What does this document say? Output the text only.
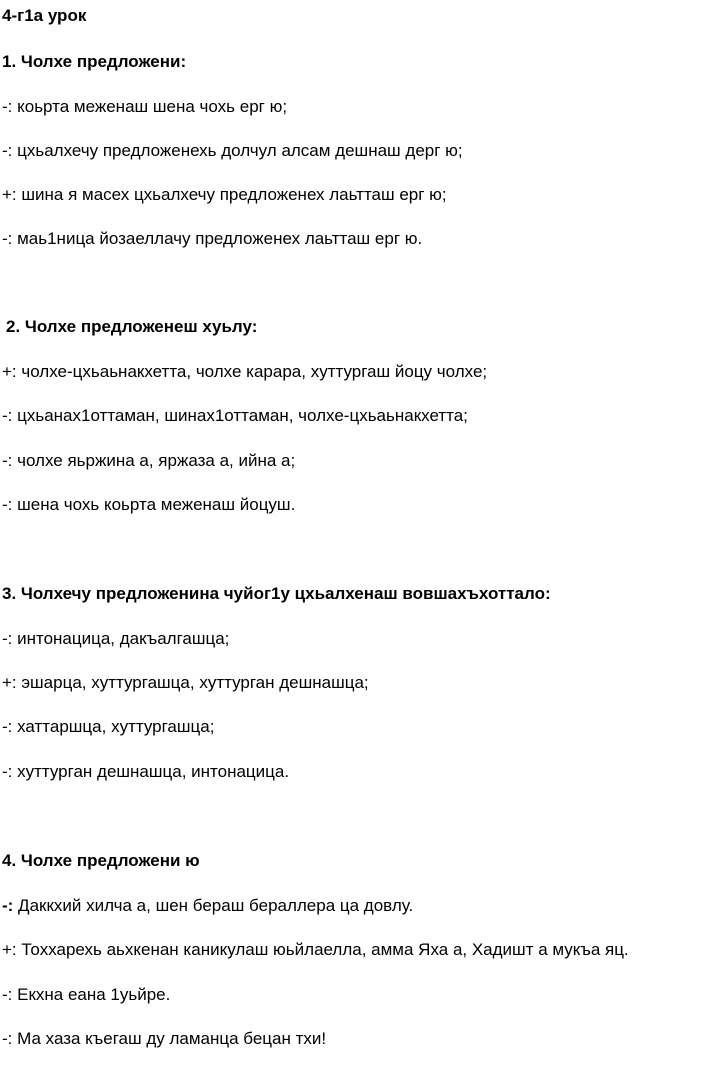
4-г1а урок
1. Чолхе предложени:
-: коьрта меженаш шена чохь ерг ю;
-: цхьалхечу предложенехь долчул алсам дешнаш дерг ю;
+: шина я масех цхьалхечу предложенех лаьтташ ерг ю;
-: маь1ница йозаеллачу предложенех лаьтташ ерг ю.
2. Чолхе предложенеш хуьлу:
+: чолхе-цхьаьнакхетта, чолхе карара, хуттургаш йоцу чолхе;
-: цхьанах1оттаман, шинах1оттаман, чолхе-цхьаьнакхетта;
-: чолхе яьржина а, яржаза а, ийна а;
-: шена чохь коьрта меженаш йоцуш.
3. Чолхечу предложенина чуйог1у цхьалхенаш вовшахъхоттало:
-: интонацица, дакъалгашца;
+: эшарца, хуттургашца, хуттурган дешнашца;
-: хаттаршца, хуттургашца;
-: хуттурган дешнашца, интонацица.
4. Чолхе предложени ю
-: Даккхий хилча а, шен бераш бераллера ца довлу.
+: Тоххарехь аьхкенан каникулаш юьйлаелла, амма Яха а, Хадишт а мукъа яц.
-: Екхна еана 1уьйре.
-: Ма хаза къегаш ду ламанца бецан тхи!
